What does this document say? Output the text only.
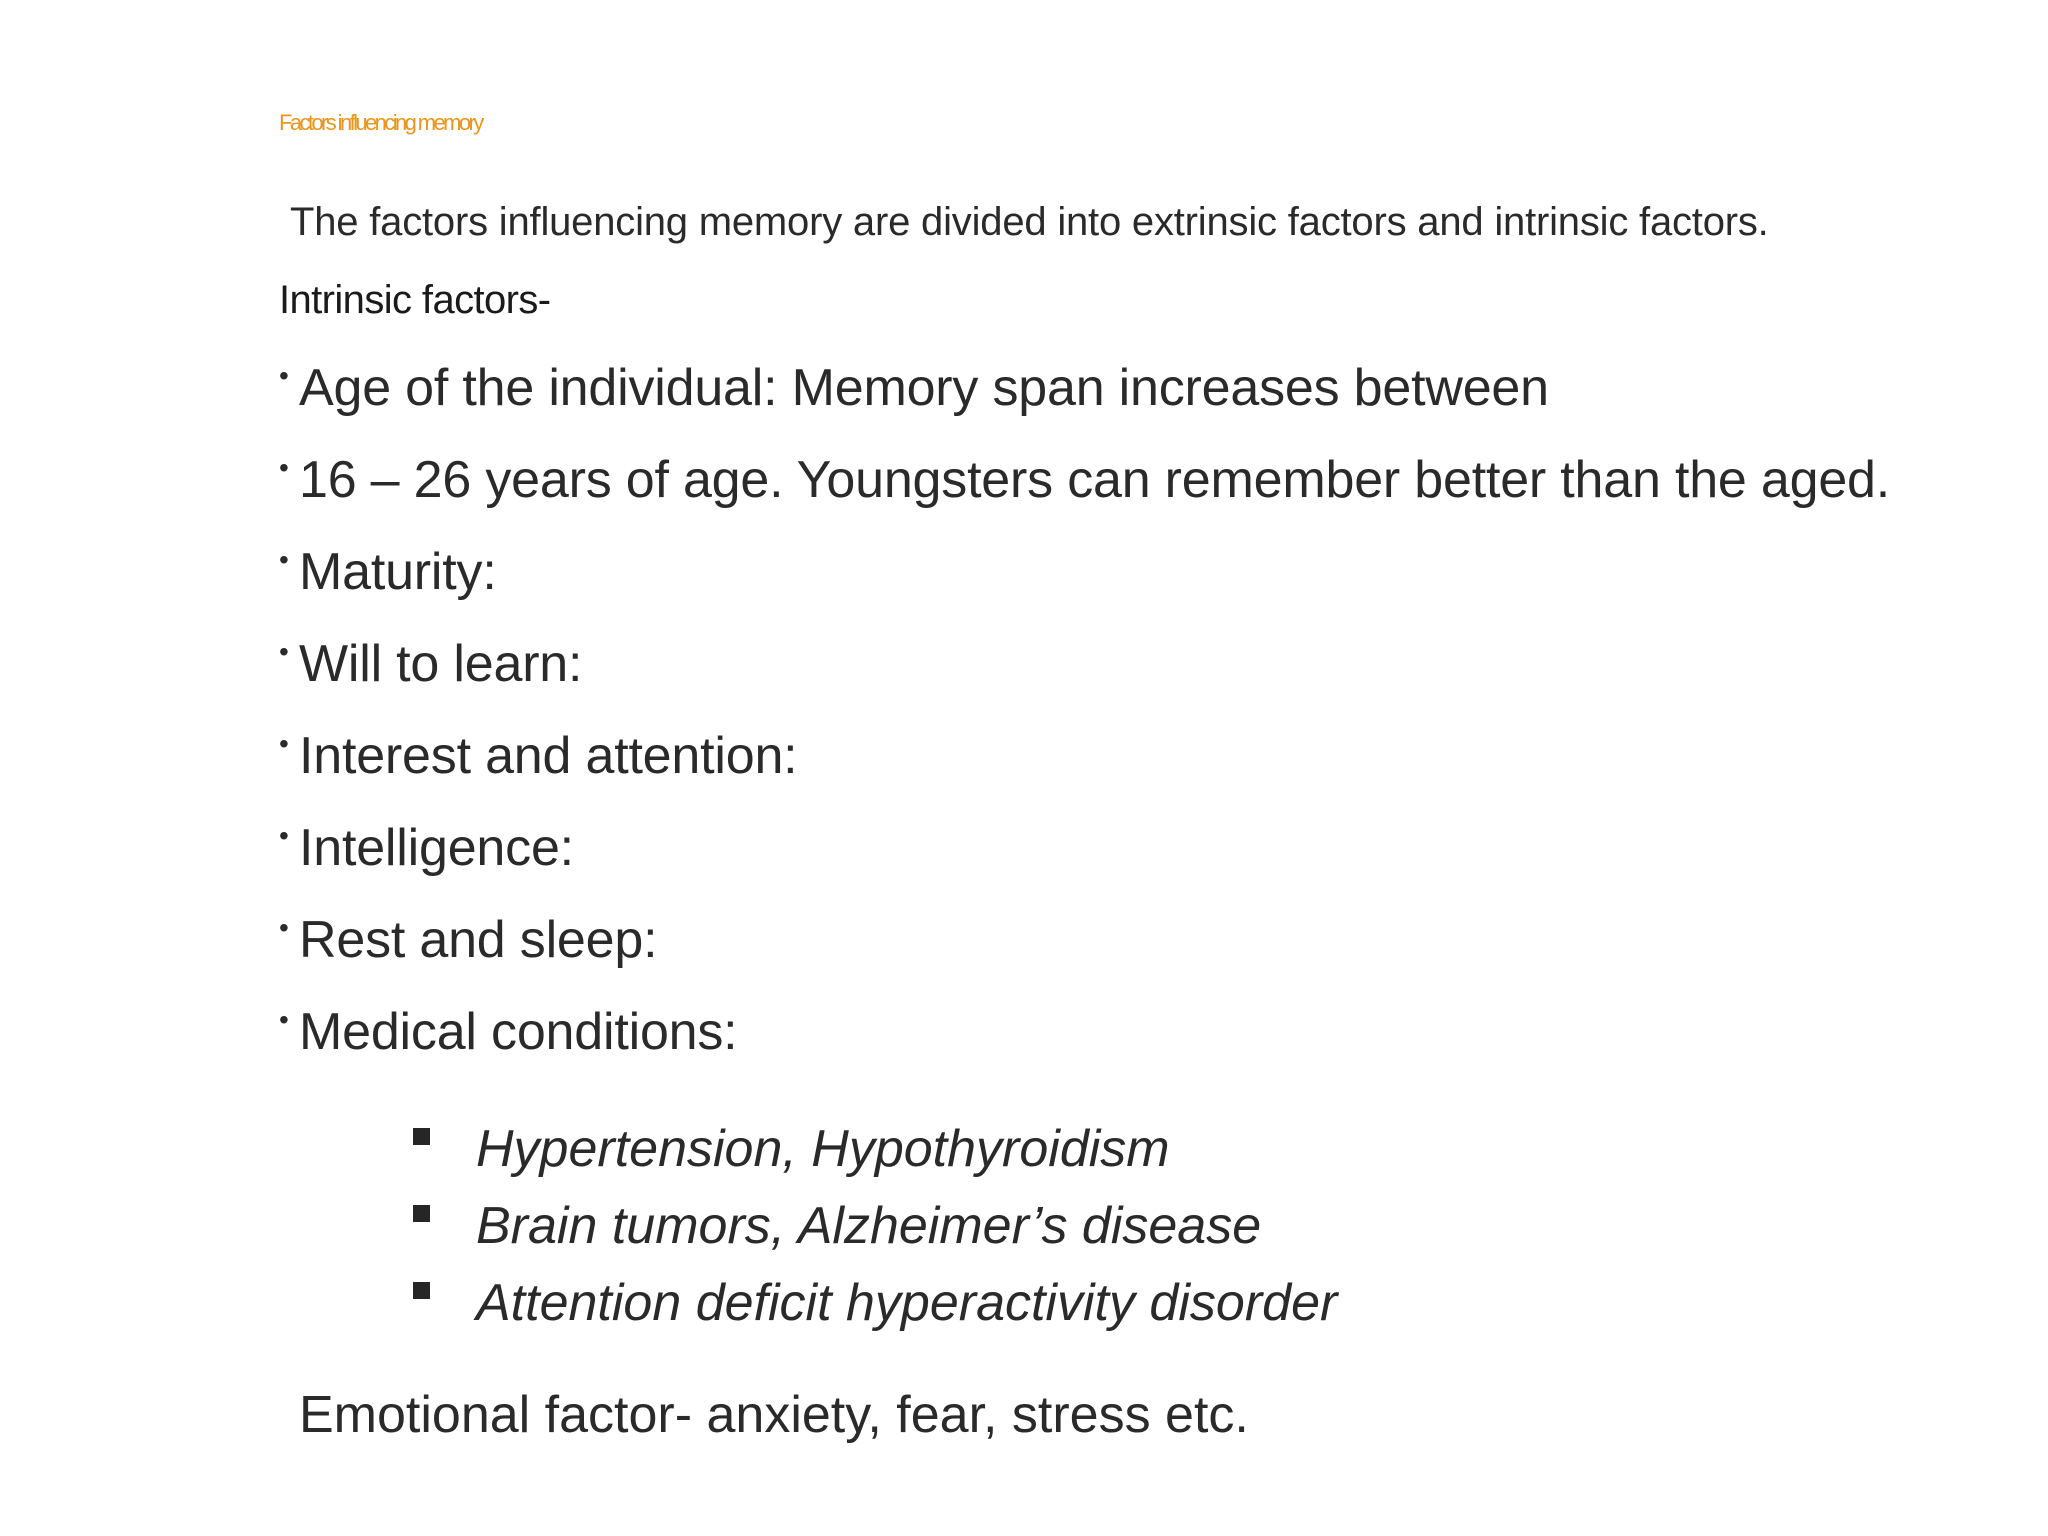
Factors influencing memory
The factors influencing memory are divided into extrinsic factors and intrinsic factors.
Intrinsic factors-
• Age of the individual: Memory span increases between
• 16 – 26 years of age. Youngsters can remember better than the aged.
• Maturity:
• Will to learn:
• Interest and attention:
• Intelligence:
• Rest and sleep:
• Medical conditions:
Hypertension, Hypothyroidism
Brain tumors, Alzheimer’s disease
Attention deficit hyperactivity disorder
Emotional factor- anxiety, fear, stress etc.
